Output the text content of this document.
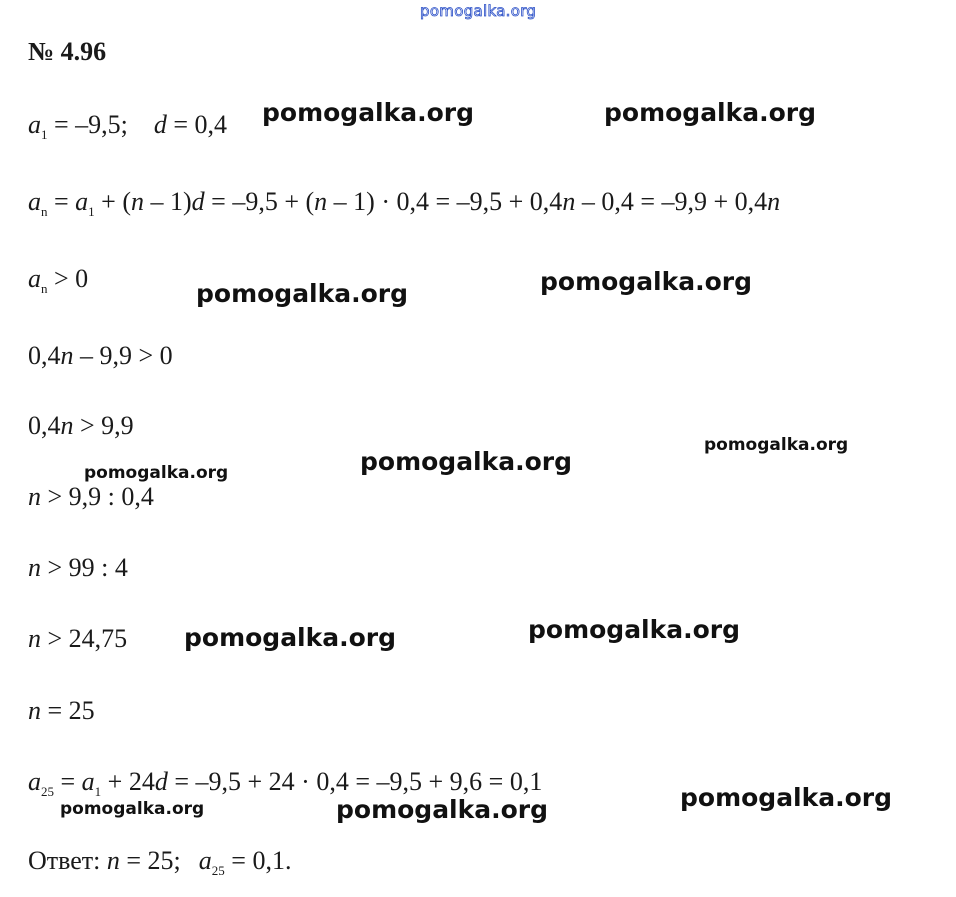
pomogalka.org
№ 4.96
$a_1 = -9,5$; d = 0,4
$a_n = a_1 + (n - 1)d = -9,5 + (n - 1) \cdot 0,4 = -9,5 + 0,4n - 0,4 = -9,9 + 0,4n$
$a_n > 0$
0,4n – 9,9 > 0
0,4n > 9,9
n > 9,9 : 0,4
n > 99 : 4
n > 24,75
n = 25
$a_{25} = a_1 + 24d = -9,5 + 24 \cdot 0,4 = -9,5 + 9,6 = 0,1$
Ответ: n = 25; $a_{25} = 0,1$.
pomogalka.org	pomogalka.org
pomogalka.org	pomogalka.org
pomogalka.org
pomogalka.org	pomogalka.org
pomogalka.org	pomogalka.org
pomogalka.org	pomogalka.org	pomogalka.org
